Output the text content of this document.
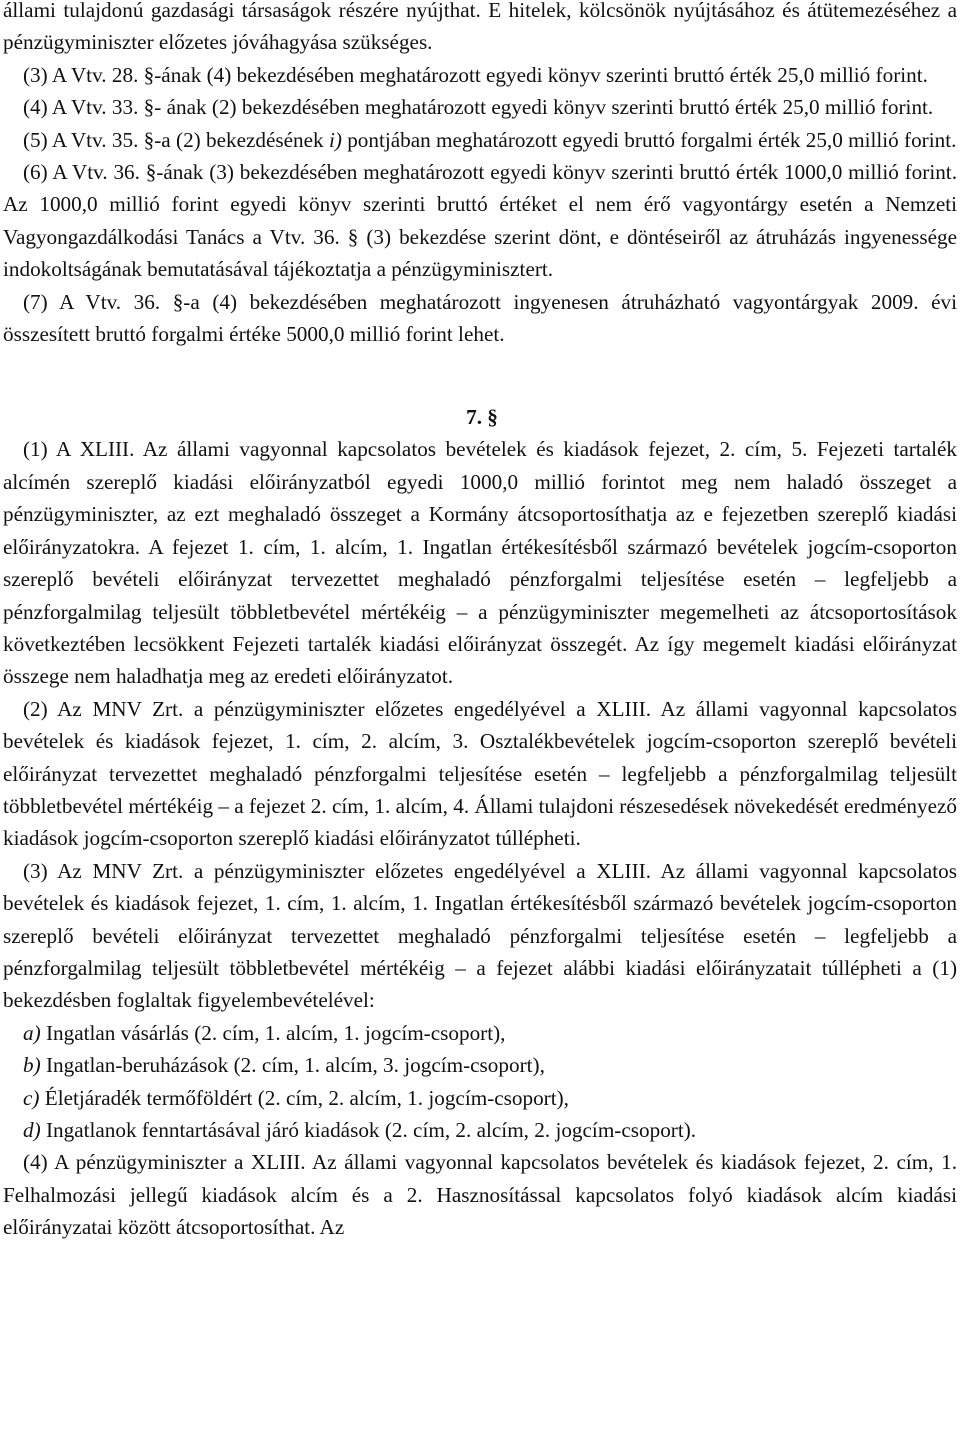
állami tulajdonú gazdasági társaságok részére nyújthat. E hitelek, kölcsönök nyújtásához és átütemezéséhez a pénzügyminiszter előzetes jóváhagyása szükséges.

(3) A Vtv. 28. §-ának (4) bekezdésében meghatározott egyedi könyv szerinti bruttó érték 25,0 millió forint.

(4) A Vtv. 33. §- ának (2) bekezdésében meghatározott egyedi könyv szerinti bruttó érték 25,0 millió forint.

(5) A Vtv. 35. §-a (2) bekezdésének i) pontjában meghatározott egyedi bruttó forgalmi érték 25,0 millió forint.

(6) A Vtv. 36. §-ának (3) bekezdésében meghatározott egyedi könyv szerinti bruttó érték 1000,0 millió forint. Az 1000,0 millió forint egyedi könyv szerinti bruttó értéket el nem érő vagyontárgy esetén a Nemzeti Vagyongazdálkodási Tanács a Vtv. 36. § (3) bekezdése szerint dönt, e döntéseiről az átruházás ingyenessége indokoltságának bemutatásával tájékoztatja a pénzügyminisztert.

(7) A Vtv. 36. §-a (4) bekezdésében meghatározott ingyenesen átruházható vagyontárgyak 2009. évi összesített bruttó forgalmi értéke 5000,0 millió forint lehet.

7. §

(1) A XLIII. Az állami vagyonnal kapcsolatos bevételek és kiadások fejezet, 2. cím, 5. Fejezeti tartalék alcímén szereplő kiadási előirányzatból egyedi 1000,0 millió forintot meg nem haladó összeget a pénzügyminiszter, az ezt meghaladó összeget a Kormány átcsoportosíthatja az e fejezetben szereplő kiadási előirányzatokra. A fejezet 1. cím, 1. alcím, 1. Ingatlan értékesítésből származó bevételek jogcím-csoporton szereplő bevételi előirányzat tervezettet meghaladó pénzforgalmi teljesítése esetén – legfeljebb a pénzforgalmilag teljesült többletbevétel mértékéig – a pénzügyminiszter megemelheti az átcsoportosítások következtében lecsökkent Fejezeti tartalék kiadási előirányzat összegét. Az így megemelt kiadási előirányzat összege nem haladhatja meg az eredeti előirányzatot.

(2) Az MNV Zrt. a pénzügyminiszter előzetes engedélyével a XLIII. Az állami vagyonnal kapcsolatos bevételek és kiadások fejezet, 1. cím, 2. alcím, 3. Osztalékbevételek jogcím-csoporton szereplő bevételi előirányzat tervezettet meghaladó pénzforgalmi teljesítése esetén – legfeljebb a pénzforgalmilag teljesült többletbevétel mértékéig – a fejezet 2. cím, 1. alcím, 4. Állami tulajdoni részesedések növekedését eredményező kiadások jogcím-csoporton szereplő kiadási előirányzatot túllépheti.

(3) Az MNV Zrt. a pénzügyminiszter előzetes engedélyével a XLIII. Az állami vagyonnal kapcsolatos bevételek és kiadások fejezet, 1. cím, 1. alcím, 1. Ingatlan értékesítésből származó bevételek jogcím-csoporton szereplő bevételi előirányzat tervezettet meghaladó pénzforgalmi teljesítése esetén – legfeljebb a pénzforgalmilag teljesült többletbevétel mértékéig – a fejezet alábbi kiadási előirányzatait túllépheti a (1) bekezdésben foglaltak figyelembevételével:

a) Ingatlan vásárlás (2. cím, 1. alcím, 1. jogcím-csoport),

b) Ingatlan-beruházások (2. cím, 1. alcím, 3. jogcím-csoport),

c) Életjáradék termőföldért (2. cím, 2. alcím, 1. jogcím-csoport),

d) Ingatlanok fenntartásával járó kiadások (2. cím, 2. alcím, 2. jogcím-csoport).

(4) A pénzügyminiszter a XLIII. Az állami vagyonnal kapcsolatos bevételek és kiadások fejezet, 2. cím, 1. Felhalmozási jellegű kiadások alcím és a 2. Hasznosítással kapcsolatos folyó kiadások alcím kiadási előirányzatai között átcsoportosíthat. Az
